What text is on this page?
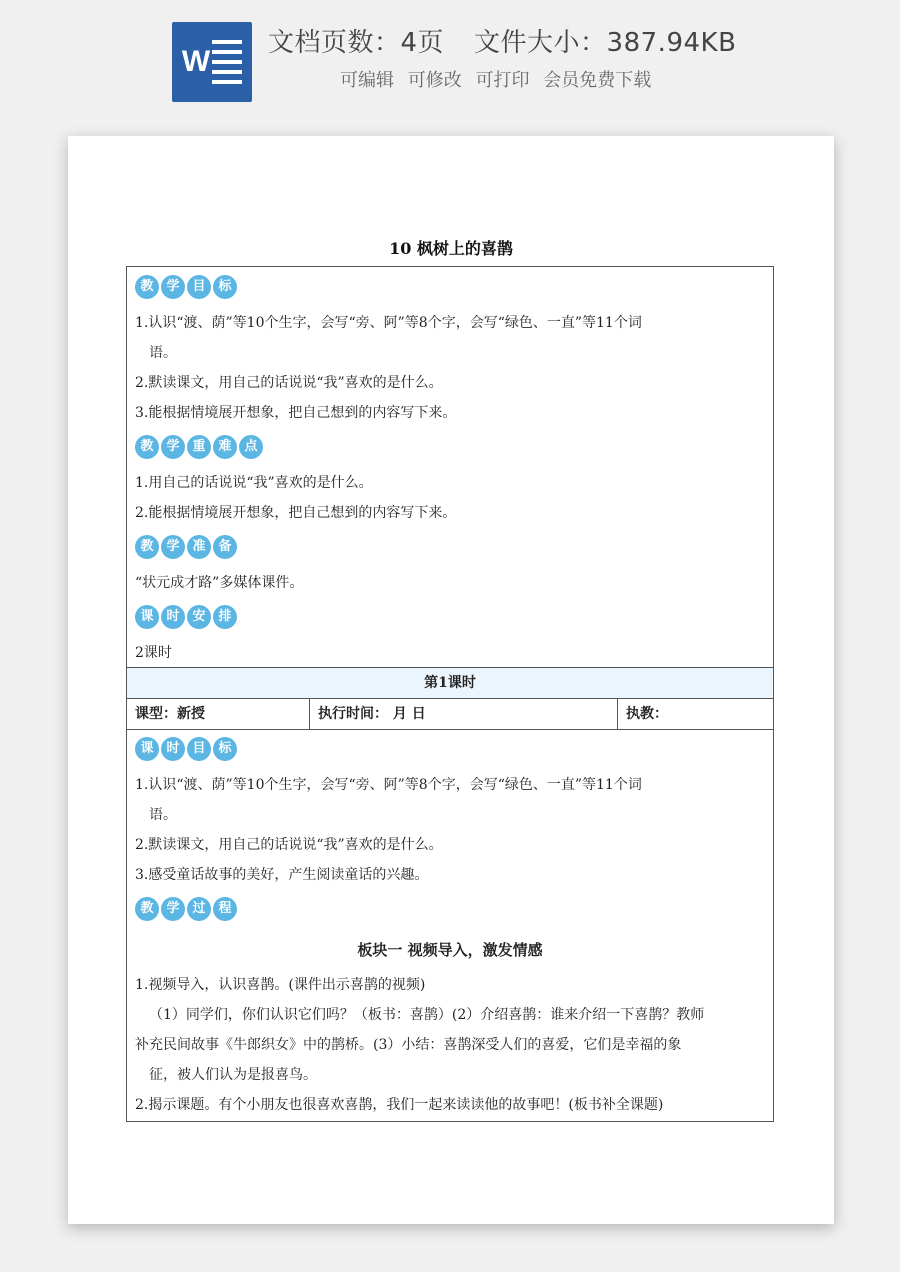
W
文档页数：4页 文件大小：387.94KB
可编辑 可修改 可打印 会员免费下载
10 枫树上的喜鹊
教 学 目 标
1.认识“渡、荫”等10个生字，会写“旁、阿”等8个字，会写“绿色、一直”等11个词
语。
2.默读课文，用自己的话说说“我”喜欢的是什么。
3.能根据情境展开想象，把自己想到的内容写下来。
教 学 重 难 点
1.用自己的话说说“我”喜欢的是什么。
2.能根据情境展开想象，把自己想到的内容写下来。
教 学 准 备
“状元成才路”多媒体课件。
课 时 安 排
2课时
第1课时
课型：新授	执行时间： 月 日	执教：
课 时 目 标
1.认识“渡、荫”等10个生字，会写“旁、阿”等8个字，会写“绿色、一直”等11个词
语。
2.默读课文，用自己的话说说“我”喜欢的是什么。
3.感受童话故事的美好，产生阅读童话的兴趣。
教 学 过 程
板块一 视频导入，激发情感
1.视频导入，认识喜鹊。(课件出示喜鹊的视频)
（1）同学们，你们认识它们吗？（板书：喜鹊）(2）介绍喜鹊：谁来介绍一下喜鹊？教师
补充民间故事《牛郎织女》中的鹊桥。(3）小结：喜鹊深受人们的喜爱，它们是幸福的象
征，被人们认为是报喜鸟。
2.揭示课题。有个小朋友也很喜欢喜鹊，我们一起来读读他的故事吧！(板书补全课题)
